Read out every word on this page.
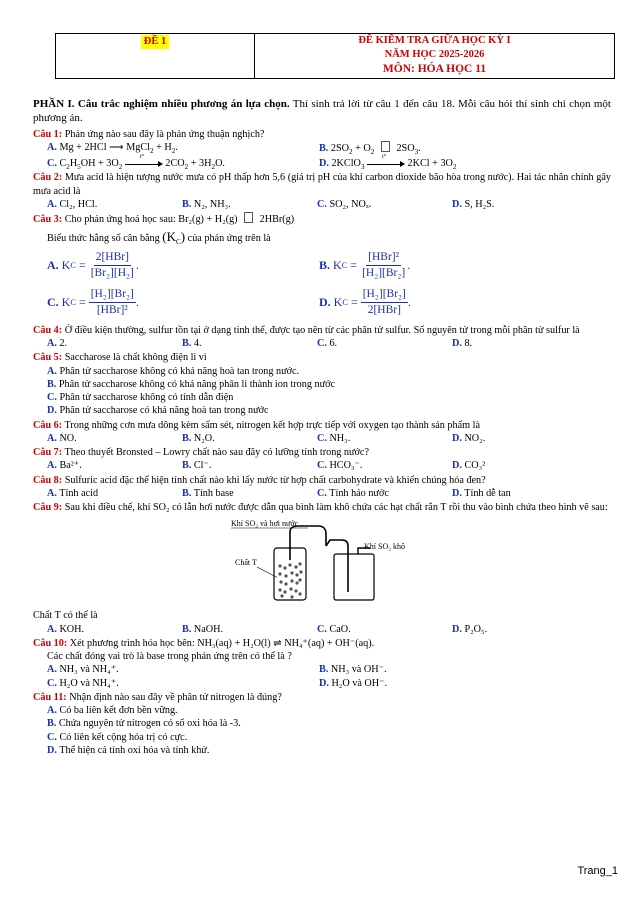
ĐỀ 1	ĐỀ KIỂM TRA GIỮA HỌC KỲ I
NĂM HỌC 2025-2026
MÔN: HÓA HỌC 11

PHẦN I. Câu trắc nghiệm nhiều phương án lựa chọn. Thí sinh trả lời từ câu 1 đến câu 18. Mỗi câu hỏi thí sinh chỉ chọn một phương án.

Câu 1: Phản ứng nào sau đây là phản ứng thuận nghịch?

A. Mg + 2HCl ⟶ MgCl$_2$ + $H_2$.	B. $2SO_2 + O_2$  $2SO_3$.
C. $C_2H_5OH + 3O_2$
t°
$2CO_2 + 3H_2O$.	D. 2KClO$_3$
t°
$2KCl + 3O_2$

Câu 2: Mưa acid là hiện tượng nước mưa có pH thấp hơn 5,6 (giá trị pH của khí carbon dioxide bão hòa trong nước). Hai tác nhân chính gây mưa acid là

A. Cl₂, HCl.	B. N₂, NH₃.	C. SO₂, NOₓ.	D. S, H₂S.

Câu 3: Cho phản ứng hoá học sau: Br₂(g) + H₂(g) 2HBr(g)

Biểu thức hằng số cân bằng $(K_C)$ của phản ứng trên là

A. K $C = \frac{\text{2[HBr]}}{\text{[Br₂][H₂]}}$ .	B. K $C = \frac{\text{[HBr]²}}{\text{[H₂][Br₂]}}$ .
C. K $C = \frac{\text{[H₂][Br₂]}}{\text{[HBr]²}}$ .	D. K $C = \frac{\text{[H₂][Br₂]}}{\text{2[HBr]}}$ .

Câu 4: Ở điều kiện thường, sulfur tồn tại ở dạng tinh thể, được tạo nên từ các phân tử sulfur. Số nguyên tử trong mỗi phân tử sulfur là

A. 2.	B. 4.	C. 6.	D. 8.

Câu 5: Saccharose là chất không điện li vì

A. Phân tử saccharose không có khả năng hoà tan trong nước.

B. Phân tử saccharose không có khả năng phân li thành ion trong nước

C. Phân tử saccharose không có tính dẫn điện

D. Phân tử saccharose có khả năng hoà tan trong nước

Câu 6: Trong những cơn mưa dông kèm sấm sét, nitrogen kết hợp trực tiếp với oxygen tạo thành sản phẩm là

A. NO.	B. N₂O.	C. NH₃.	D. NO₂.

Câu 7: Theo thuyết Bronsted – Lowry chất nào sau đây có lưỡng tính trong nước?

A. Ba²⁺.	B. Cl⁻.	C. HCO₃⁻.	D. CO₃²

Câu 8: Sulfuric acid đặc thể hiện tính chất nào khi lấy nước từ hợp chất carbohydrate và khiến chúng hóa đen?

A. Tính acid	B. Tính base	C. Tính háo nước	D. Tính dễ tan

Câu 9: Sau khi điều chế, khí SO₂ có lẫn hơi nước được dẫn qua bình làm khô chứa các hạt chất rắn T rồi thu vào bình chứa theo hình vẽ sau:

Khí SO₂ và hơi nước
Khí SO₂ khô
Chất T

Chất T có thể là

A. KOH.	B. NaOH.	C. CaO.	D. P₂O₅.

Câu 10: Xét phương trình hóa học bên: NH₃(aq) + H₂O(l) ⇌ NH₄⁺(aq) + OH⁻(aq).

Các chất đóng vai trò là base trong phản ứng trên có thể là ?

A. NH₃ và NH₄⁺.	B. NH₃ và OH⁻.
C. H₂O và NH₄⁺.	D. H₂O và OH⁻.

Câu 11: Nhận định nào sau đây về phân tử nitrogen là đúng?

A. Có ba liên kết đơn bền vững.

B. Chứa nguyên tử nitrogen có số oxi hóa là -3.

C. Có liên kết cộng hóa trị có cực.

D. Thể hiện cả tính oxi hóa và tính khử.

Trang_1
